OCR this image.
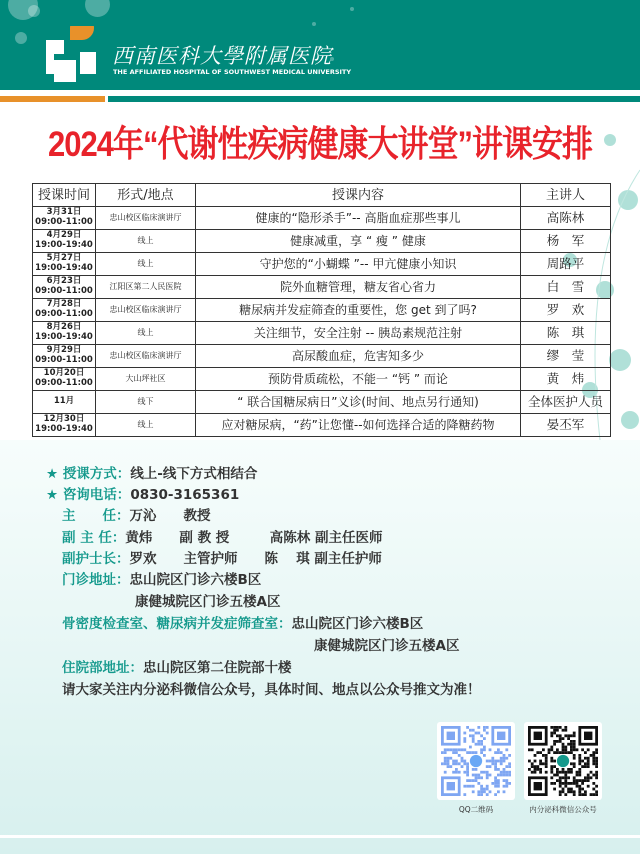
西南医科大學附属医院
THE AFFILIATED HOSPITAL OF SOUTHWEST MEDICAL UNIVERSITY
2024年“代谢性疾病健康大讲堂”讲课安排
授课时间	形式/地点	授课内容	主讲人
3月31日
09:00-11:00	忠山校区临床演讲厅	健康的“隐形杀手”-- 高脂血症那些事儿	高陈林
4月29日
19:00-19:40	线上	健康减重，享 “ 瘦 ” 健康	杨　军
5月27日
19:00-19:40	线上	守护您的“小蝴蝶 ”-- 甲亢健康小知识	周路平
6月23日
09:00-11:00	江阳区第二人民医院	院外血糖管理，糖友省心省力	白　雪
7月28日
09:00-11:00	忠山校区临床演讲厅	糖尿病并发症筛查的重要性，您 get 到了吗?	罗　欢
8月26日
19:00-19:40	线上	关注细节，安全注射 -- 胰岛素规范注射	陈　琪
9月29日
09:00-11:00	忠山校区临床演讲厅	高尿酸血症，危害知多少	缪　莹
10月20日
09:00-11:00	大山坪社区	预防骨质疏松，不能一 “钙 ” 而论	黄　炜
11月	线下	“ 联合国糖尿病日”义诊(时间、地点另行通知)	全体医护人员
12月30日
19:00-19:40	线上	应对糖尿病，“药”让您懂--如何选择合适的降糖药物	晏丕军
★ 授课方式：线上-线下方式相结合
★ 咨询电话：0830-3165361
主　　任：万沁　　教授
副 主 任：黄炜　　副 教 授　　　高陈林 副主任医师
副护士长：罗欢　　主管护师　　陈　 琪 副主任护师
门诊地址：忠山院区门诊六楼B区
康健城院区门诊五楼A区
骨密度检查室、糖尿病并发症筛查室：忠山院区门诊六楼B区
康健城院区门诊五楼A区
住院部地址：忠山院区第二住院部十楼
请大家关注内分泌科微信公众号，具体时间、地点以公众号推文为准！
QQ二维码	内分泌科微信公众号
